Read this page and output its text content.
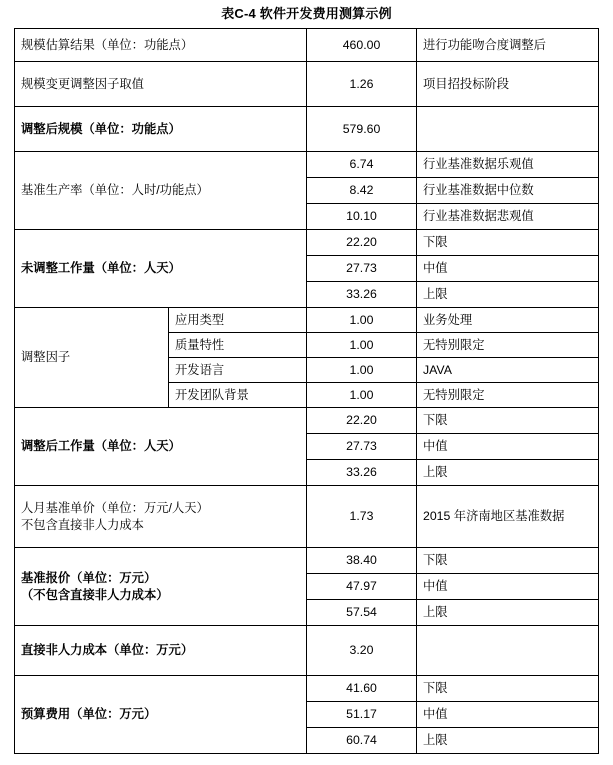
表C-4 软件开发费用测算示例
规模估算结果（单位：功能点）		460.00	进行功能吻合度调整后
规模变更调整因子取值		1.26	项目招投标阶段
调整后规模（单位：功能点）		579.60	
基准生产率（单位：人时/功能点）		6.74	行业基准数据乐观值
		8.42	行业基准数据中位数
		10.10	行业基准数据悲观值
未调整工作量（单位：人天）		22.20	下限
		27.73	中值
		33.26	上限
调整因子	应用类型	1.00	业务处理
	质量特性	1.00	无特别限定
	开发语言	1.00	JAVA
	开发团队背景	1.00	无特别限定
调整后工作量（单位：人天）		22.20	下限
		27.73	中值
		33.26	上限

人月基准单价（单位：万元/人天）
不包含直接非人力成本		1.73	2015 年济南地区基准数据

基准报价（单位：万元）
（不包含直接非人力成本）		38.40	下限
		47.97	中值
		57.54	上限
直接非人力成本（单位：万元）		3.20	
预算费用（单位：万元）		41.60	下限
		51.17	中值
		60.74	上限
